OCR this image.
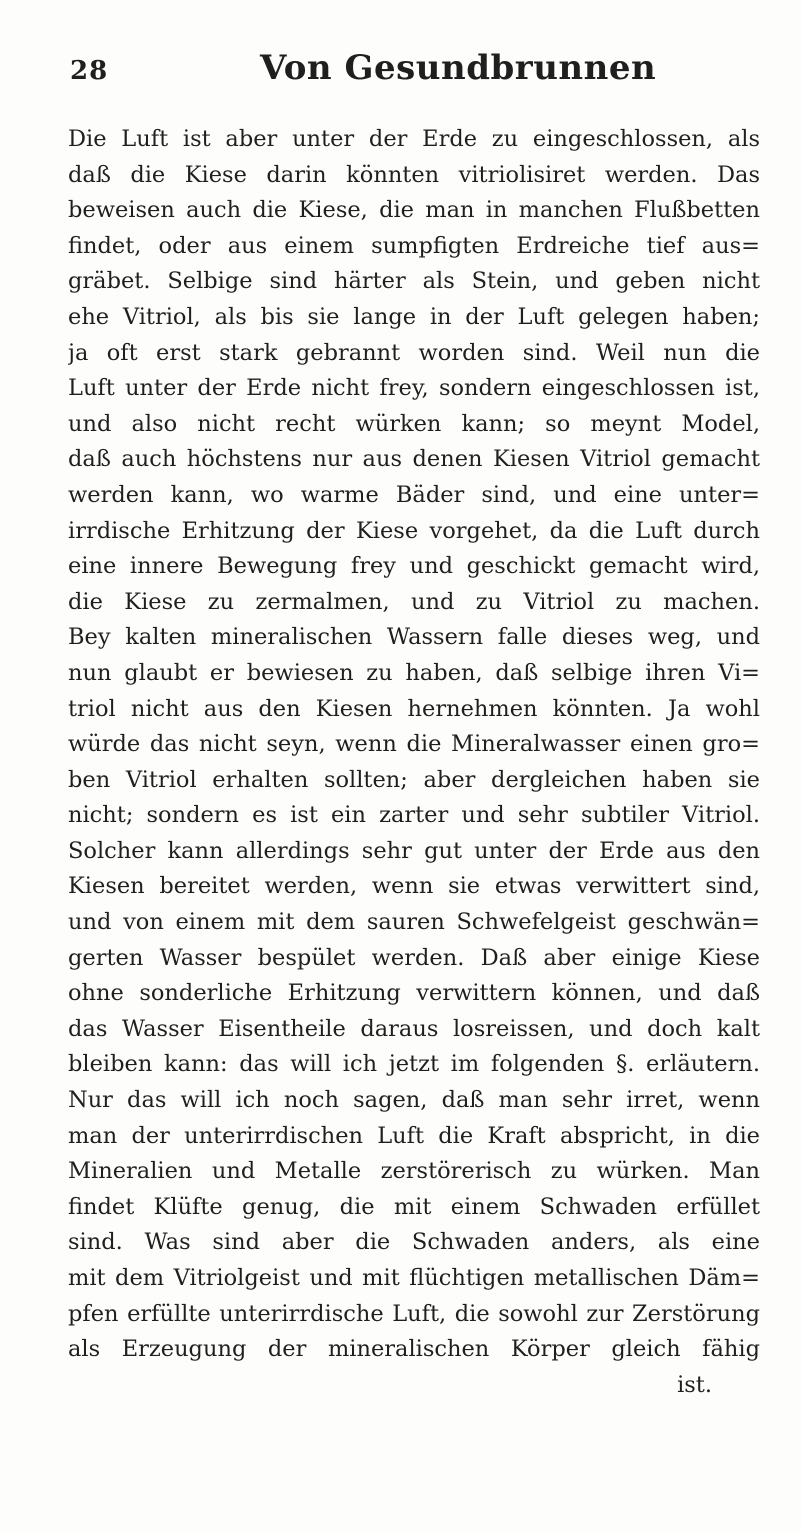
28	Von Gesundbrunnen
Die Luft ist aber unter der Erde zu eingeschlossen, als
daß die Kiese darin könnten vitriolisiret werden. Das
beweisen auch die Kiese, die man in manchen Flußbetten
findet, oder aus einem sumpfigten Erdreiche tief aus=
gräbet. Selbige sind härter als Stein, und geben nicht
ehe Vitriol, als bis sie lange in der Luft gelegen haben;
ja oft erst stark gebrannt worden sind. Weil nun die
Luft unter der Erde nicht frey, sondern eingeschlossen ist,
und also nicht recht würken kann; so meynt Model,
daß auch höchstens nur aus denen Kiesen Vitriol gemacht
werden kann, wo warme Bäder sind, und eine unter=
irrdische Erhitzung der Kiese vorgehet, da die Luft durch
eine innere Bewegung frey und geschickt gemacht wird,
die Kiese zu zermalmen, und zu Vitriol zu machen.
Bey kalten mineralischen Wassern falle dieses weg, und
nun glaubt er bewiesen zu haben, daß selbige ihren Vi=
triol nicht aus den Kiesen hernehmen könnten. Ja wohl
würde das nicht seyn, wenn die Mineralwasser einen gro=
ben Vitriol erhalten sollten; aber dergleichen haben sie
nicht; sondern es ist ein zarter und sehr subtiler Vitriol.
Solcher kann allerdings sehr gut unter der Erde aus den
Kiesen bereitet werden, wenn sie etwas verwittert sind,
und von einem mit dem sauren Schwefelgeist geschwän=
gerten Wasser bespület werden. Daß aber einige Kiese
ohne sonderliche Erhitzung verwittern können, und daß
das Wasser Eisentheile daraus losreissen, und doch kalt
bleiben kann: das will ich jetzt im folgenden §. erläutern.
Nur das will ich noch sagen, daß man sehr irret, wenn
man der unterirrdischen Luft die Kraft abspricht, in die
Mineralien und Metalle zerstörerisch zu würken. Man
findet Klüfte genug, die mit einem Schwaden erfüllet
sind. Was sind aber die Schwaden anders, als eine
mit dem Vitriolgeist und mit flüchtigen metallischen Däm=
pfen erfüllte unterirrdische Luft, die sowohl zur Zerstörung
als Erzeugung der mineralischen Körper gleich fähig
ist.
